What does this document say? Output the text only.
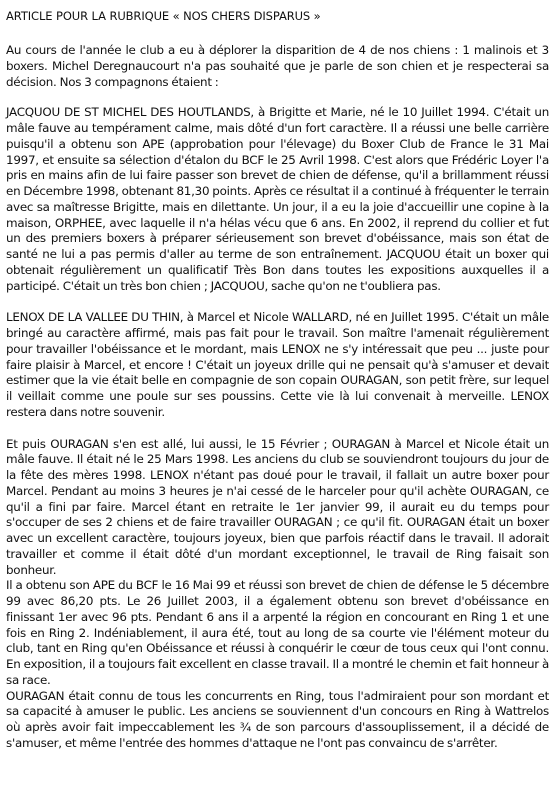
ARTICLE POUR LA RUBRIQUE « NOS CHERS DISPARUS »

Au cours de l'année le club a eu à déplorer la disparition de 4 de nos chiens : 1 malinois et 3 boxers. Michel Deregnaucourt n'a pas souhaité que je parle de son chien et je respecterai sa décision. Nos 3 compagnons étaient :

JACQUOU DE ST MICHEL DES HOUTLANDS, à Brigitte et Marie, né le 10 Juillet 1994. C'était un mâle fauve au tempérament calme, mais dôté d'un fort caractère. Il a réussi une belle carrière puisqu'il a obtenu son APE (approbation pour l'élevage) du Boxer Club de France le 31 Mai 1997, et ensuite sa sélection d'étalon du BCF le 25 Avril 1998. C'est alors que Frédéric Loyer l'a pris en mains afin de lui faire passer son brevet de chien de défense, qu'il a brillamment réussi en Décembre 1998, obtenant 81,30 points. Après ce résultat il a continué à fréquenter le terrain avec sa maîtresse Brigitte, mais en dilettante. Un jour, il a eu la joie d'accueillir une copine à la maison, ORPHEE, avec laquelle il n'a hélas vécu que 6 ans. En 2002, il reprend du collier et fut un des premiers boxers à préparer sérieusement son brevet d'obéissance, mais son état de santé ne lui a pas permis d'aller au terme de son entraînement. JACQUOU était un boxer qui obtenait régulièrement un qualificatif Très Bon dans toutes les expositions auxquelles il a participé. C'était un très bon chien ; JACQUOU, sache qu'on ne t'oubliera pas.

LENOX DE LA VALLEE DU THIN, à Marcel et Nicole WALLARD, né en Juillet 1995. C'était un mâle bringé au caractère affirmé, mais pas fait pour le travail. Son maître l'amenait régulièrement pour travailler l'obéissance et le mordant, mais LENOX ne s'y intéressait que peu ... juste pour faire plaisir à Marcel, et encore ! C'était un joyeux drille qui ne pensait qu'à s'amuser et devait estimer que la vie était belle en compagnie de son copain OURAGAN, son petit frère, sur lequel il veillait comme une poule sur ses poussins. Cette vie là lui convenait à merveille. LENOX restera dans notre souvenir.

Et puis OURAGAN s'en est allé, lui aussi, le 15 Février ; OURAGAN à Marcel et Nicole était un mâle fauve. Il était né le 25 Mars 1998. Les anciens du club se souviendront toujours du jour de la fête des mères 1998. LENOX n'étant pas doué pour le travail, il fallait un autre boxer pour Marcel. Pendant au moins 3 heures je n'ai cessé de le harceler pour qu'il achète OURAGAN, ce qu'il a fini par faire. Marcel étant en retraite le 1er janvier 99, il aurait eu du temps pour s'occuper de ses 2 chiens et de faire travailler OURAGAN ; ce qu'il fit. OURAGAN était un boxer avec un excellent caractère, toujours joyeux, bien que parfois réactif dans le travail. Il adorait travailler et comme il était dôté d'un mordant exceptionnel, le travail de Ring faisait son bonheur.

Il a obtenu son APE du BCF le 16 Mai 99 et réussi son brevet de chien de défense le 5 décembre 99 avec 86,20 pts. Le 26 Juillet 2003, il a également obtenu son brevet d'obéissance en finissant 1er avec 96 pts. Pendant 6 ans il a arpenté la région en concourant en Ring 1 et une fois en Ring 2. Indéniablement, il aura été, tout au long de sa courte vie l'élément moteur du club, tant en Ring qu'en Obéissance et réussi à conquérir le cœur de tous ceux qui l'ont connu. En exposition, il a toujours fait excellent en classe travail. Il a montré le chemin et fait honneur à sa race.

OURAGAN était connu de tous les concurrents en Ring, tous l'admiraient pour son mordant et sa capacité à amuser le public. Les anciens se souviennent d'un concours en Ring à Wattrelos où après avoir fait impeccablement les ¾ de son parcours d'assouplissement, il a décidé de s'amuser, et même l'entrée des hommes d'attaque ne l'ont pas convaincu de s'arrêter.
